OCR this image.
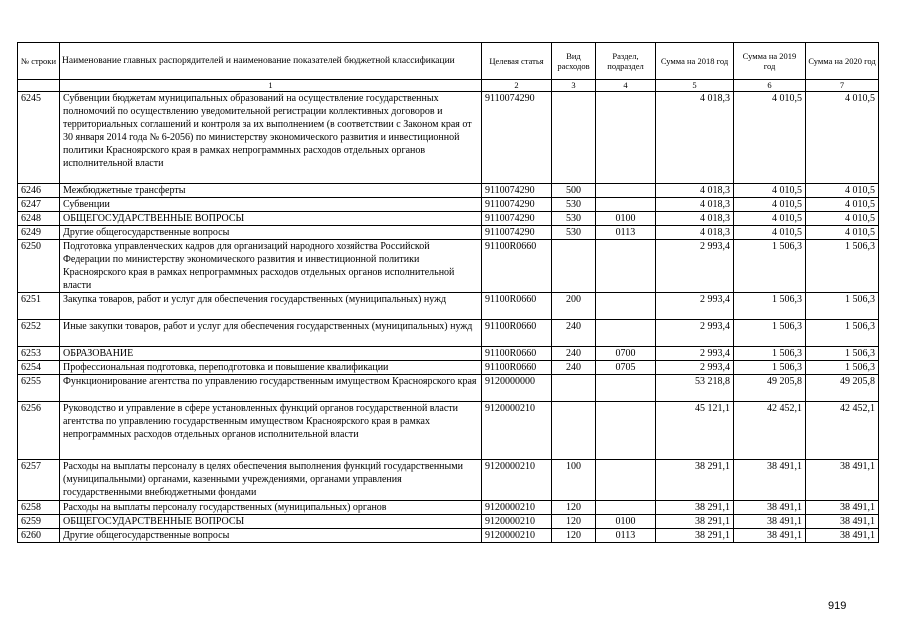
№ строки	Наименование главных распорядителей и наименование показателей бюджетной классификации	Целевая статья	Вид расходов	Раздел, подраздел	Сумма на 2018 год	Сумма на 2019 год	Сумма на 2020 год
	1	2	3	4	5	6	7
6245	Субвенции бюджетам муниципальных образований на осуществление государственных полномочий по осуществлению уведомительной регистрации коллективных договоров и территориальных соглашений и контроля за их выполнением (в соответствии с Законом края от 30 января 2014 года № 6-2056) по министерству экономического развития и инвестиционной политики Красноярского края в рамках непрограммных расходов отдельных органов исполнительной власти	9110074290			4 018,3	4 010,5	4 010,5
6246	Межбюджетные трансферты	9110074290	500		4 018,3	4 010,5	4 010,5
6247	Субвенции	9110074290	530		4 018,3	4 010,5	4 010,5
6248	ОБЩЕГОСУДАРСТВЕННЫЕ ВОПРОСЫ	9110074290	530	0100	4 018,3	4 010,5	4 010,5
6249	Другие общегосударственные вопросы	9110074290	530	0113	4 018,3	4 010,5	4 010,5
6250	Подготовка управленческих кадров для организаций народного хозяйства Российской Федерации по министерству экономического развития и инвестиционной политики Красноярского края в рамках непрограммных расходов отдельных органов исполнительной власти	91100R0660			2 993,4	1 506,3	1 506,3
6251	Закупка товаров, работ и услуг для обеспечения государственных (муниципальных) нужд	91100R0660	200		2 993,4	1 506,3	1 506,3
6252	Иные закупки товаров, работ и услуг для обеспечения государственных (муниципальных) нужд	91100R0660	240		2 993,4	1 506,3	1 506,3
6253	ОБРАЗОВАНИЕ	91100R0660	240	0700	2 993,4	1 506,3	1 506,3
6254	Профессиональная подготовка, переподготовка и повышение квалификации	91100R0660	240	0705	2 993,4	1 506,3	1 506,3
6255	Функционирование агентства по управлению государственным имуществом Красноярского края	9120000000			53 218,8	49 205,8	49 205,8
6256	Руководство и управление в сфере установленных функций органов государственной власти агентства по управлению государственным имуществом Красноярского края в рамках непрограммных расходов отдельных органов исполнительной власти	9120000210			45 121,1	42 452,1	42 452,1
6257	Расходы на выплаты персоналу в целях обеспечения выполнения функций государственными (муниципальными) органами, казенными учреждениями, органами управления государственными внебюджетными фондами	9120000210	100		38 291,1	38 491,1	38 491,1
6258	Расходы на выплаты персоналу государственных (муниципальных) органов	9120000210	120		38 291,1	38 491,1	38 491,1
6259	ОБЩЕГОСУДАРСТВЕННЫЕ ВОПРОСЫ	9120000210	120	0100	38 291,1	38 491,1	38 491,1
6260	Другие общегосударственные вопросы	9120000210	120	0113	38 291,1	38 491,1	38 491,1
919
